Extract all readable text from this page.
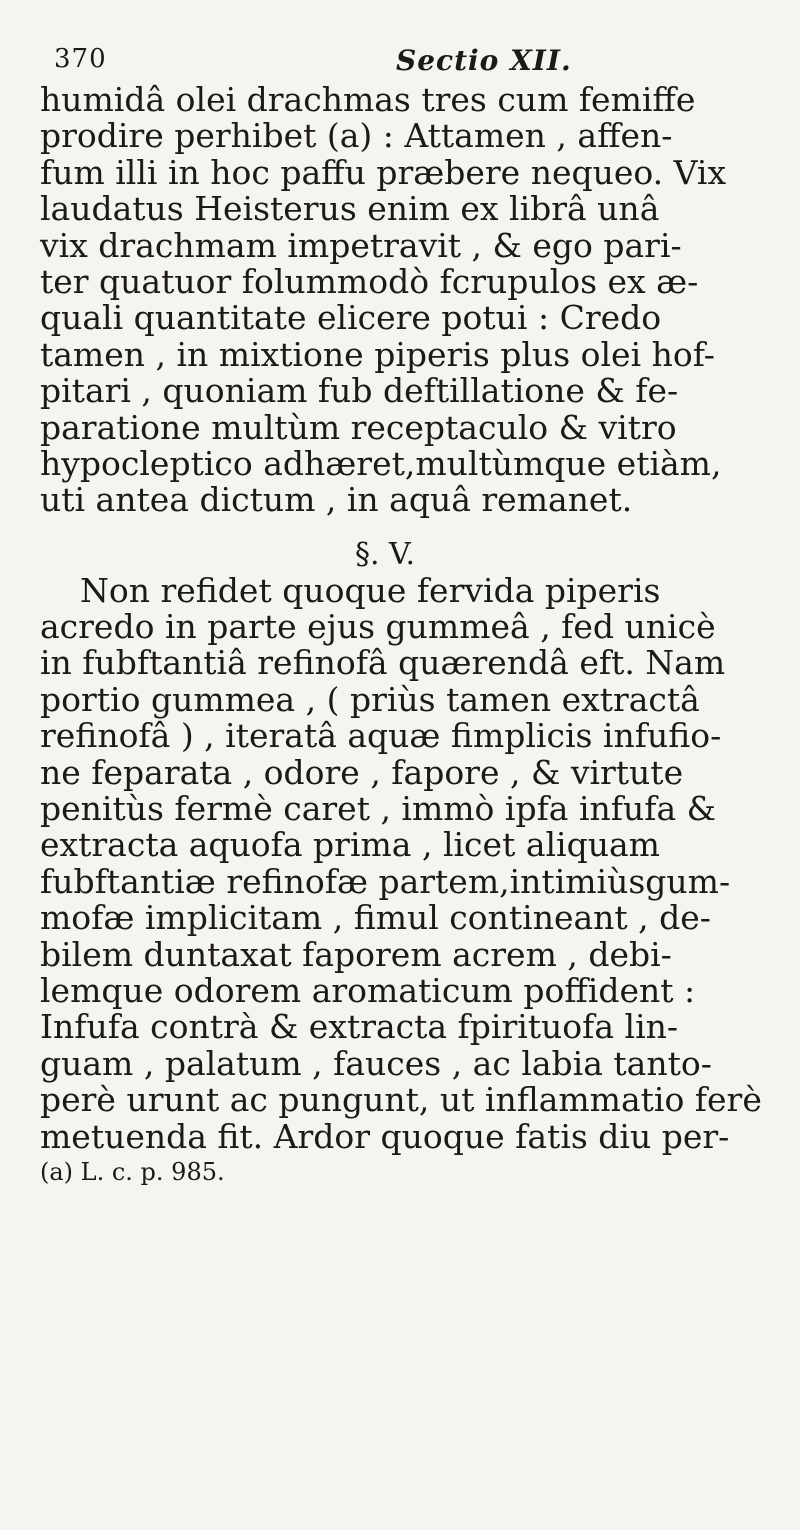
370	Sectio XII.
humidâ olei drachmas tres cum femiffe
prodire perhibet (a) : Attamen , affen-
fum illi in hoc paffu præbere nequeo. Vix
laudatus Heisterus enim ex librâ unâ
vix drachmam impetravit , & ego pari-
ter quatuor folummodò fcrupulos ex æ-
quali quantitate elicere potui : Credo
tamen , in mixtione piperis plus olei hof-
pitari , quoniam fub deftillatione & fe-
paratione multùm receptaculo & vitro
hypocleptico adhæret,multùmque etiàm,
uti antea dictum , in aquâ remanet.
§. V.
Non refidet quoque fervida piperis
acredo in parte ejus gummeâ , fed unicè
in fubftantiâ refinofâ quærendâ eft. Nam
portio gummea , ( priùs tamen extractâ
refinofâ ) , iteratâ aquæ fimplicis infufio-
ne feparata , odore , fapore , & virtute
penitùs fermè caret , immò ipfa infufa &
extracta aquofa prima , licet aliquam
fubftantiæ refinofæ partem,intimiùsgum-
mofæ implicitam , fimul contineant , de-
bilem duntaxat faporem acrem , debi-
lemque odorem aromaticum poffident :
Infufa contrà & extracta fpirituofa lin-
guam , palatum , fauces , ac labia tanto-
perè urunt ac pungunt, ut inflammatio ferè
metuenda fit. Ardor quoque fatis diu per-
(a) L. c. p. 985.
